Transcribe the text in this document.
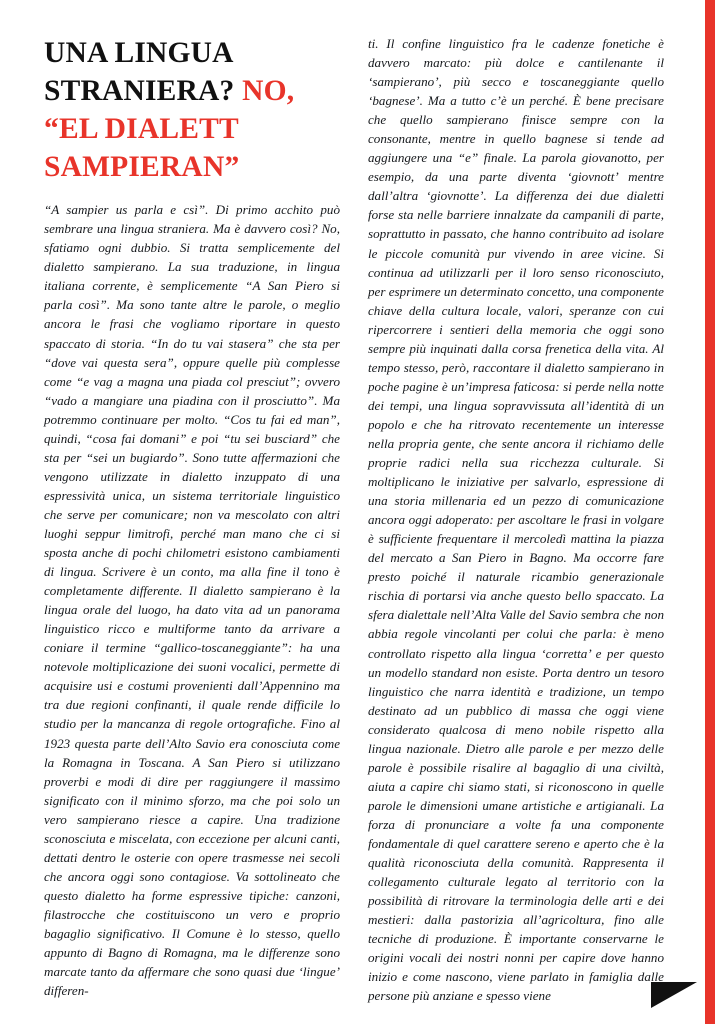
UNA LINGUA
STRANIERA? NO,
“EL DIALETT
SAMPIERAN”

“A sampier us parla e csì”. Di primo acchito può sembrare una lingua straniera. Ma è davvero così? No, sfatiamo ogni dubbio. Si tratta semplicemente del dialetto sampierano. La sua traduzione, in lingua italiana corrente, è semplicemente “A San Piero si parla così”. Ma sono tante altre le parole, o meglio ancora le frasi che vogliamo riportare in questo spaccato di storia. “In do tu vai stasera” che sta per “dove vai questa sera”, oppure quelle più complesse come “e vag a magna una piada col presciut”; ovvero “vado a mangiare una piadina con il prosciutto”. Ma potremmo continuare per molto. “Cos tu fai ed man”, quindi, “cosa fai domani” e poi “tu sei busciard” che sta per “sei un bugiardo”. Sono tutte affermazioni che vengono utilizzate in dialetto inzuppato di una espressività unica, un sistema territoriale linguistico che serve per comunicare; non va mescolato con altri luoghi seppur limitrofi, perché man mano che ci si sposta anche di pochi chilometri esistono cambiamenti di lingua. Scrivere è un conto, ma alla fine il tono è completamente differente. Il dialetto sampierano è la lingua orale del luogo, ha dato vita ad un panorama linguistico ricco e multiforme tanto da arrivare a coniare il termine “gallico-toscaneggiante”: ha una notevole moltiplicazione dei suoni vocalici, permette di acquisire usi e costumi provenienti dall’Appennino ma tra due regioni confinanti, il quale rende difficile lo studio per la mancanza di regole ortografiche. Fino al 1923 questa parte dell’Alto Savio era conosciuta come la Romagna in Toscana. A San Piero si utilizzano proverbi e modi di dire per raggiungere il massimo significato con il minimo sforzo, ma che poi solo un vero sampierano riesce a capire. Una tradizione sconosciuta e miscelata, con eccezione per alcuni canti, dettati dentro le osterie con opere trasmesse nei secoli che ancora oggi sono contagiose. Va sottolineato che questo dialetto ha forme espressive tipiche: canzoni, filastrocche che costituiscono un vero e proprio bagaglio significativo. Il Comune è lo stesso, quello appunto di Bagno di Romagna, ma le differenze sono marcate tanto da affermare che sono quasi due ‘lingue’ differen-

ti. Il confine linguistico fra le cadenze fonetiche è davvero marcato: più dolce e cantilenante il ‘sampierano’, più secco e toscaneggiante quello ‘bagnese’. Ma a tutto c’è un perché. È bene precisare che quello sampierano finisce sempre con la consonante, mentre in quello bagnese si tende ad aggiungere una “e” finale. La parola giovanotto, per esempio, da una parte diventa ‘giovnott’ mentre dall’altra ‘giovnotte’. La differenza dei due dialetti forse sta nelle barriere innalzate da campanili di parte, soprattutto in passato, che hanno contribuito ad isolare le piccole comunità pur vivendo in aree vicine. Si continua ad utilizzarli per il loro senso riconosciuto, per esprimere un determinato concetto, una componente chiave della cultura locale, valori, speranze con cui ripercorrere i sentieri della memoria che oggi sono sempre più inquinati dalla corsa frenetica della vita. Al tempo stesso, però, raccontare il dialetto sampierano in poche pagine è un’impresa faticosa: si perde nella notte dei tempi, una lingua sopravvissuta all’identità di un popolo e che ha ritrovato recentemente un interesse nella propria gente, che sente ancora il richiamo delle proprie radici nella sua ricchezza culturale. Si moltiplicano le iniziative per salvarlo, espressione di una storia millenaria ed un pezzo di comunicazione ancora oggi adoperato: per ascoltare le frasi in volgare è sufficiente frequentare il mercoledì mattina la piazza del mercato a San Piero in Bagno. Ma occorre fare presto poiché il naturale ricambio generazionale rischia di portarsi via anche questo bello spaccato. La sfera dialettale nell’Alta Valle del Savio sembra che non abbia regole vincolanti per colui che parla: è meno controllato rispetto alla lingua ‘corretta’ e per questo un modello standard non esiste. Porta dentro un tesoro linguistico che narra identità e tradizione, un tempo destinato ad un pubblico di massa che oggi viene considerato qualcosa di meno nobile rispetto alla lingua nazionale. Dietro alle parole e per mezzo delle parole è possibile risalire al bagaglio di una civiltà, aiuta a capire chi siamo stati, si riconoscono in quelle parole le dimensioni umane artistiche e artigianali. La forza di pronunciare a volte fa una componente fondamentale di quel carattere sereno e aperto che è la qualità riconosciuta della comunità. Rappresenta il collegamento culturale legato al territorio con la possibilità di ritrovare la terminologia delle arti e dei mestieri: dalla pastorizia all’agricoltura, fino alle tecniche di produzione. È importante conservarne le origini vocali dei nostri nonni per capire dove hanno inizio e come nascono, viene parlato in famiglia dalle persone più anziane e spesso viene
